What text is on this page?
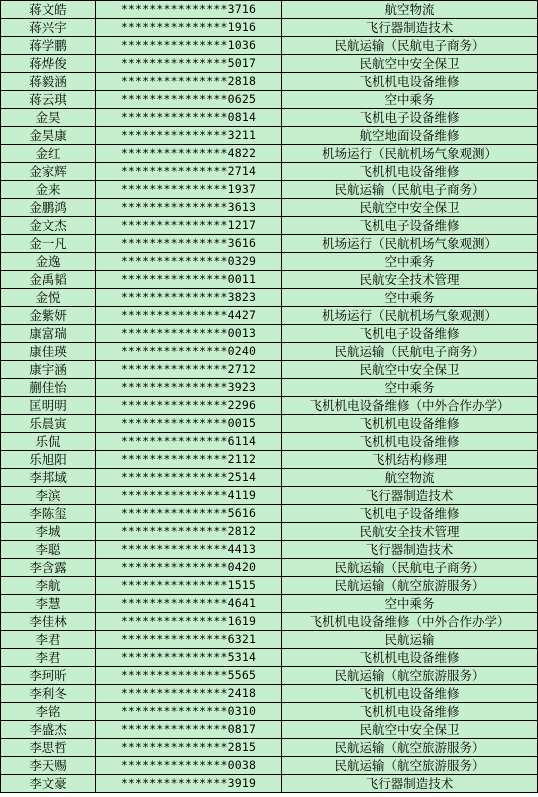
蒋文皓	***************3716	航空物流
蒋兴宇	***************1916	飞行器制造技术
蒋学鹏	***************1036	民航运输（民航电子商务）
蒋烨俊	***************5017	民航空中安全保卫
蒋毅涵	***************2818	飞机机电设备维修
蒋云琪	***************0625	空中乘务
金昊	***************0814	飞机电子设备维修
金昊康	***************3211	航空地面设备维修
金红	***************4822	机场运行（民航机场气象观测）
金家辉	***************2714	飞机机电设备维修
金来	***************1937	民航运输（民航电子商务）
金鹏鸿	***************3613	民航空中安全保卫
金文杰	***************1217	飞机电子设备维修
金一凡	***************3616	机场运行（民航机场气象观测）
金逸	***************0329	空中乘务
金禹韬	***************0011	民航安全技术管理
金悦	***************3823	空中乘务
金紫妍	***************4427	机场运行（民航机场气象观测）
康富瑞	***************0013	飞机电子设备维修
康佳瑛	***************0240	民航运输（民航电子商务）
康宇涵	***************2712	民航空中安全保卫
蒯佳怡	***************3923	空中乘务
匡明明	***************2296	飞机机电设备维修（中外合作办学）
乐晨寅	***************0015	飞机机电设备维修
乐侃	***************6114	飞机机电设备维修
乐旭阳	***************2112	飞机结构修理
李邦域	***************2514	航空物流
李滨	***************4119	飞行器制造技术
李陈玺	***************5616	飞机电子设备维修
李城	***************2812	民航安全技术管理
李聪	***************4413	飞行器制造技术
李含露	***************0420	民航运输（民航电子商务）
李航	***************1515	民航运输（航空旅游服务）
李慧	***************4641	空中乘务
李佳林	***************1619	飞机机电设备维修（中外合作办学）
李君	***************6321	民航运输
李君	***************5314	飞机机电设备维修
李珂昕	***************5565	民航运输（航空旅游服务）
李利冬	***************2418	飞机机电设备维修
李铭	***************0310	飞机机电设备维修
李盛杰	***************0817	民航空中安全保卫
李思哲	***************2815	民航运输（航空旅游服务）
李天赐	***************0038	民航运输（航空旅游服务）
李文豪	***************3919	飞行器制造技术
